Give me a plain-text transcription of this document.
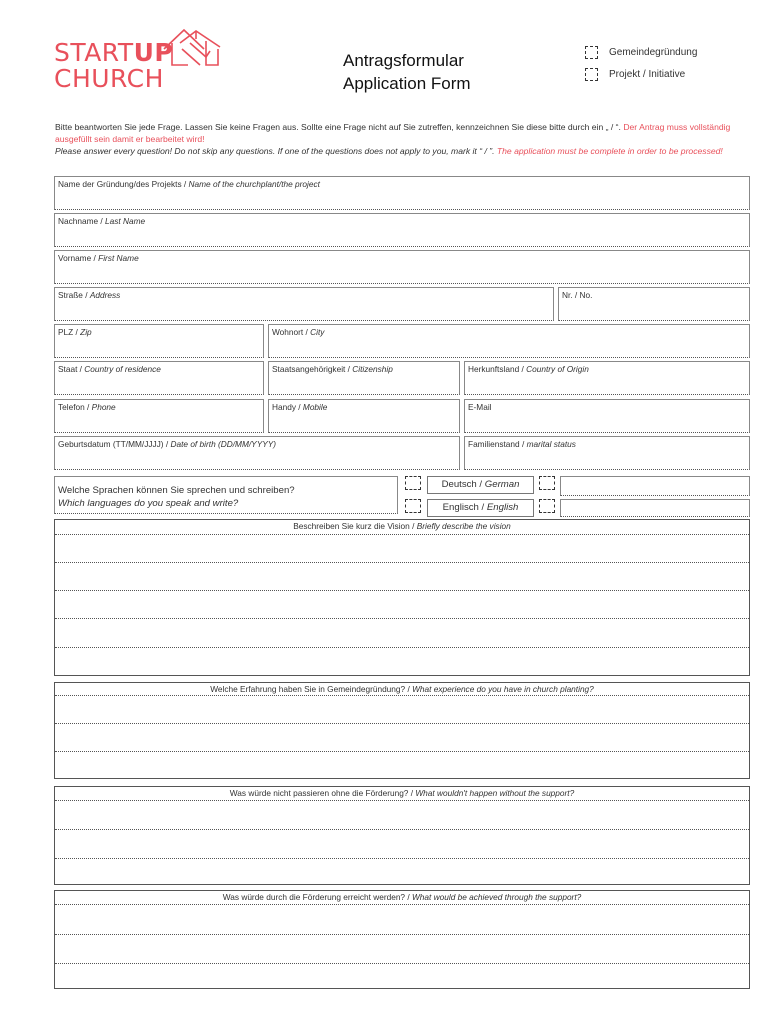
STARTUP
CHURCH
Antragsformular
Application Form
Gemeindegründung
Projekt / Initiative
Bitte beantworten Sie jede Frage. Lassen Sie keine Fragen aus. Sollte eine Frage nicht auf Sie zutreffen, kennzeichnen Sie diese bitte durch ein „ / “. Der Antrag muss vollständig ausgefüllt sein damit er bearbeitet wird!
Please answer every question! Do not skip any questions. If one of the questions does not apply to you, mark it “ / ”. The application must be complete in order to be processed!
Name der Gründung/des Projekts / Name of the churchplant/the project
Nachname / Last Name
Vorname / First Name
Straße / Address	Nr. / No.
PLZ / Zip	Wohnort / City
Staat / Country of residence	Staatsangehörigkeit / Citizenship	Herkunftsland / Country of Origin
Telefon / Phone	Handy / Mobile	E-Mail
Geburtsdatum (TT/MM/JJJJ) / Date of birth (DD/MM/YYYY)	Familienstand / marital status
Welche Sprachen können Sie sprechen und schreiben?
Which languages do you speak and write?
Deutsch / German
Englisch / English
Beschreiben Sie kurz die Vision / Briefly describe the vision
Welche Erfahrung haben Sie in Gemeindegründung? / What experience do you have in church planting?
Was würde nicht passieren ohne die Förderung? / What wouldn't happen without the support?
Was würde durch die Förderung erreicht werden? / What would be achieved through the support?
